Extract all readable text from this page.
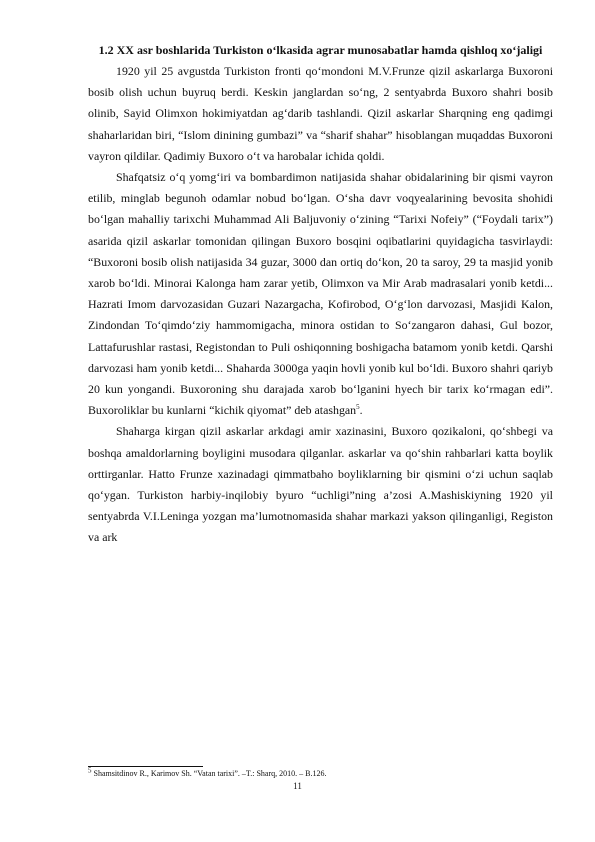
1.2 XX asr boshlarida Turkiston o‘lkasida agrar munosabatlar hamda qishloq xo‘jaligi

1920 yil 25 avgustda Turkiston fronti qo‘mondoni M.V.Frunze qizil askarlarga Buxoroni bosib olish uchun buyruq berdi. Keskin janglardan so‘ng, 2 sentyabrda Buxoro shahri bosib olinib, Sayid Olimxon hokimiyatdan ag‘darib tashlandi. Qizil askarlar Sharqning eng qadimgi shaharlaridan biri, “Islom dinining gumbazi” va “sharif shahar” hisoblangan muqaddas Buxoroni vayron qildilar. Qadimiy Buxoro o‘t va harobalar ichida qoldi.

Shafqatsiz o‘q yomg‘iri va bombardimon natijasida shahar obidalarining bir qismi vayron etilib, minglab begunoh odamlar nobud bo‘lgan. O‘sha davr voqyealarining bevosita shohidi bo‘lgan mahalliy tarixchi Muhammad Ali Baljuvoniy o‘zining “Tarixi Nofeiy” (“Foydali tarix”) asarida qizil askarlar tomonidan qilingan Buxoro bosqini oqibatlarini quyidagicha tasvirlaydi: “Buxoroni bosib olish natijasida 34 guzar, 3000 dan ortiq do‘kon, 20 ta saroy, 29 ta masjid yonib xarob bo‘ldi. Minorai Kalonga ham zarar yetib, Olimxon va Mir Arab madrasalari yonib ketdi... Hazrati Imom darvozasidan Guzari Nazargacha, Kofirobod, O‘g‘lon darvozasi, Masjidi Kalon, Zindondan To‘qimdo‘ziy hammomigacha, minora ostidan to So‘zangaron dahasi, Gul bozor, Lattafurushlar rastasi, Registondan to Puli oshiqonning boshigacha batamom yonib ketdi. Qarshi darvozasi ham yonib ketdi... Shaharda 3000ga yaqin hovli yonib kul bo‘ldi. Buxoro shahri qariyb 20 kun yongandi. Buxoroning shu darajada xarob bo‘lganini hyech bir tarix ko‘rmagan edi”. Buxoroliklar bu kunlarni “kichik qiyomat” deb atashgan$^5$.

Shaharga kirgan qizil askarlar arkdagi amir xazinasini, Buxoro qozikaloni, qo‘shbegi va boshqa amaldorlarning boyligini musodara qilganlar. askarlar va qo‘shin rahbarlari katta boylik orttirganlar. Hatto Frunze xazinadagi qimmatbaho boyliklarning bir qismini o‘zi uchun saqlab qo‘ygan. Turkiston harbiy-inqilobiy byuro “uchligi”ning a’zosi A.Mashiskiyning 1920 yil sentyabrda V.I.Leninga yozgan ma’lumotnomasida shahar markazi yakson qilinganligi, Registon va ark

$^5$ Shamsitdinov R., Karimov Sh. “Vatan tarixi”. –T.: Sharq, 2010. – B.126.
11
